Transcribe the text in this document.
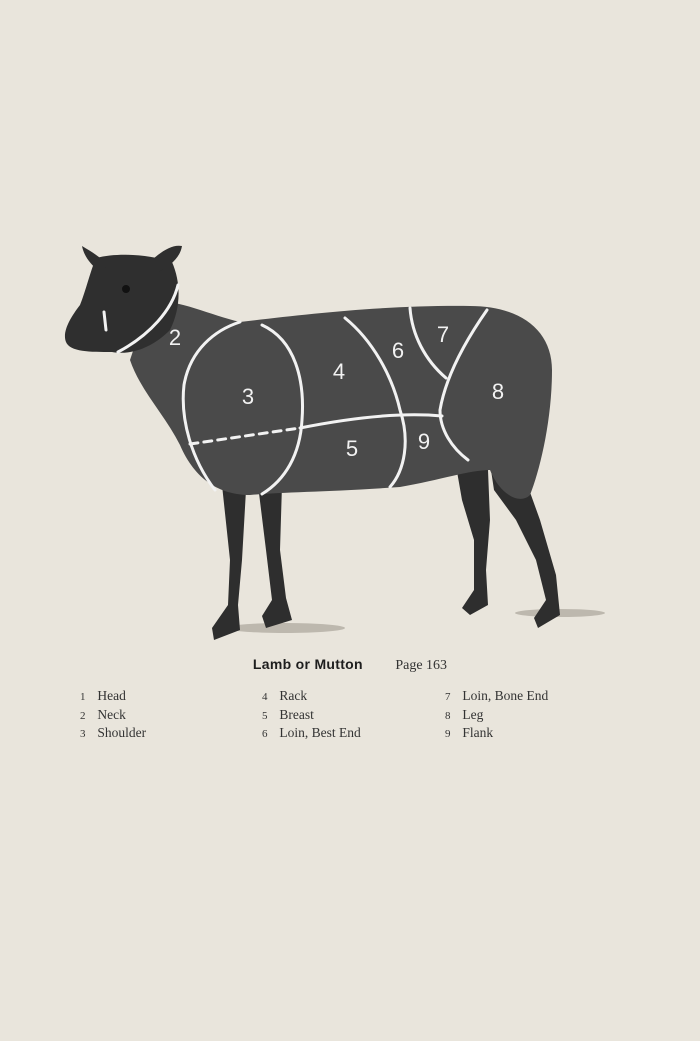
2
3
4
5
6
7
8
9
Lamb or Mutton Page 163
1 Head
2 Neck
3 Shoulder
4 Rack
5 Breast
6 Loin, Best End
7 Loin, Bone End
8 Leg
9 Flank
